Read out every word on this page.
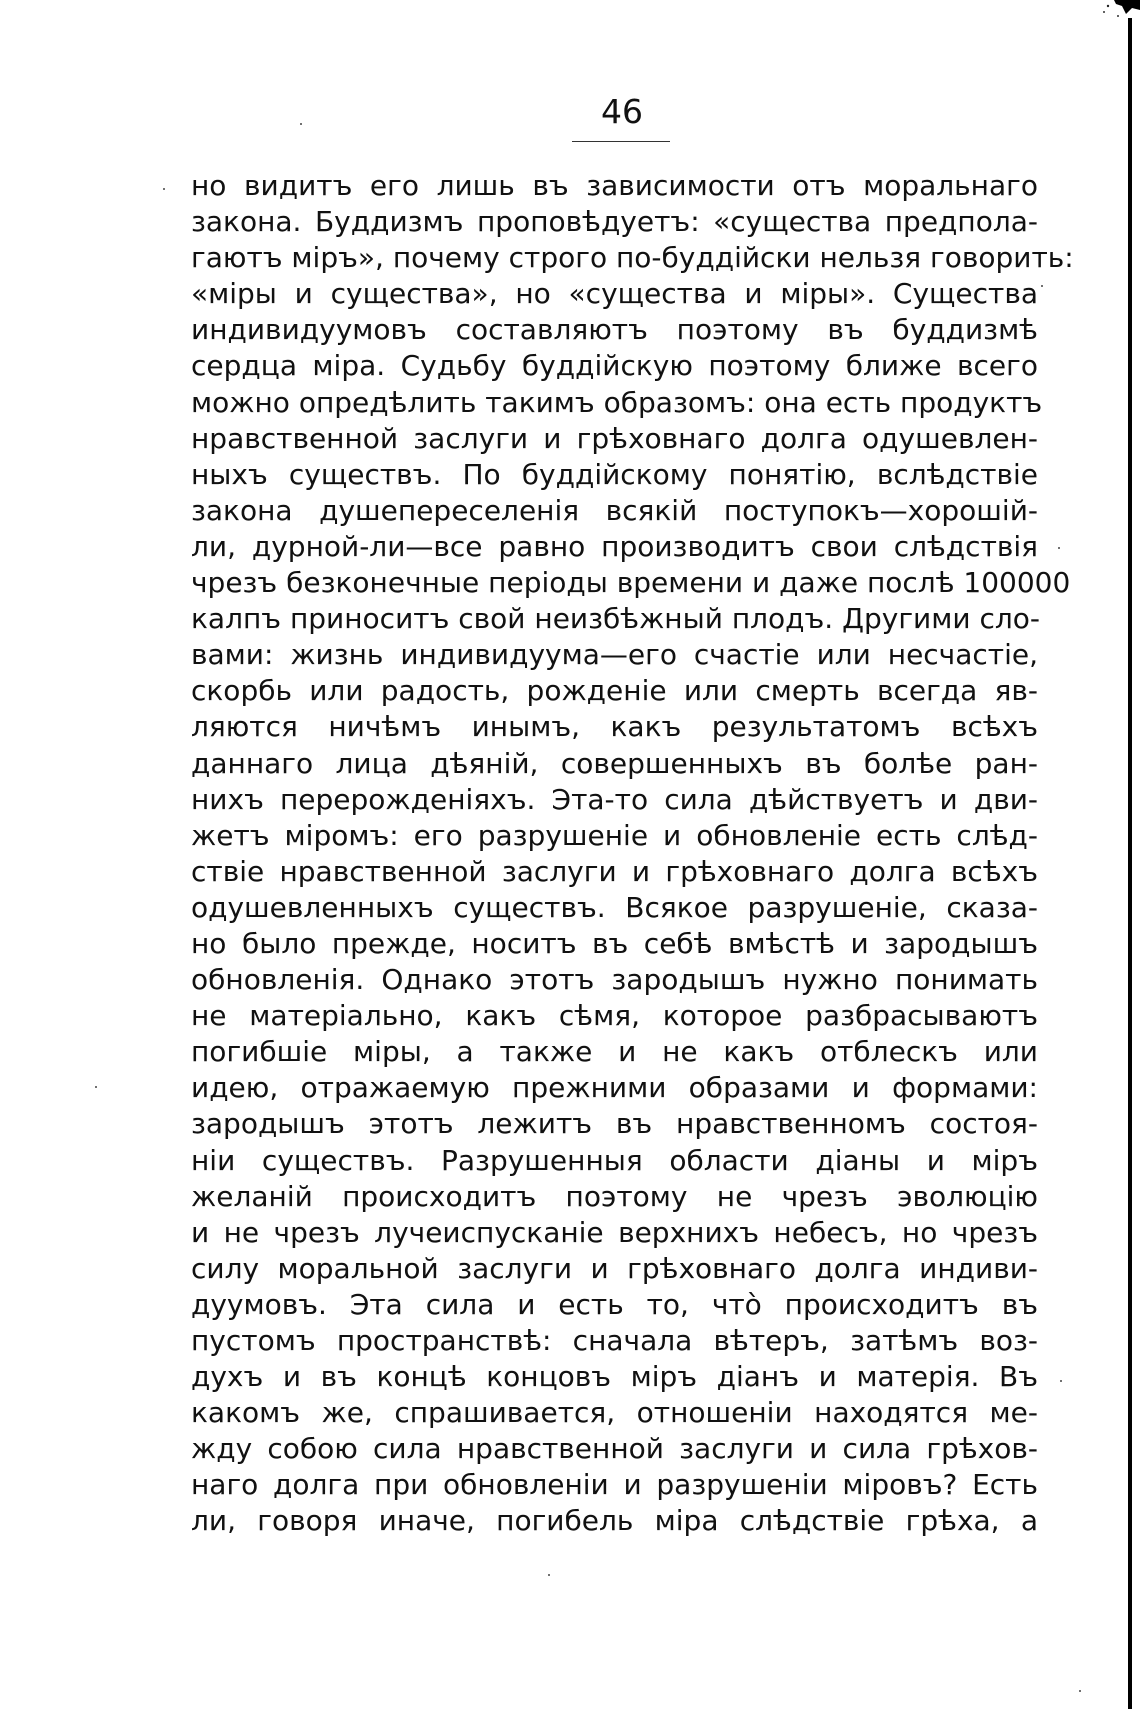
46
но видитъ его лишь въ зависимости отъ моральнаго
закона. Буддизмъ проповѣдуетъ: «существа предпола-
гаютъ міръ», почему строго по-буддійски нельзя говорить:
«міры и существа», но «существа и міры». Существа
индивидуумовъ составляютъ поэтому въ буддизмѣ
сердца міра. Судьбу буддійскую поэтому ближе всего
можно опредѣлить такимъ образомъ: она есть продуктъ
нравственной заслуги и грѣховнаго долга одушевлен-
ныхъ существъ. По буддійскому понятію, вслѣдствіе
закона душепереселенія всякій поступокъ—хорошій-
ли, дурной-ли—все равно производитъ свои слѣдствія
чрезъ безконечные періоды времени и даже послѣ 100000
калпъ приноситъ свой неизбѣжный плодъ. Другими сло-
вами: жизнь индивидуума—его счастіе или несчастіе,
скорбь или радость, рожденіе или смерть всегда яв-
ляются ничѣмъ инымъ, какъ результатомъ всѣхъ
даннаго лица дѣяній, совершенныхъ въ болѣе ран-
нихъ перерожденіяхъ. Эта-то сила дѣйствуетъ и дви-
жетъ міромъ: его разрушеніе и обновленіе есть слѣд-
ствіе нравственной заслуги и грѣховнаго долга всѣхъ
одушевленныхъ существъ. Всякое разрушеніе, сказа-
но было прежде, носитъ въ себѣ вмѣстѣ и зародышъ
обновленія. Однако этотъ зародышъ нужно понимать
не матеріально, какъ сѣмя, которое разбрасываютъ
погибшіе міры, а также и не какъ отблескъ или
идею, отражаемую прежними образами и формами:
зародышъ этотъ лежитъ въ нравственномъ состоя-
ніи существъ. Разрушенныя области діаны и міръ
желаній происходитъ поэтому не чрезъ эволюцію
и не чрезъ лучеиспусканіе верхнихъ небесъ, но чрезъ
силу моральной заслуги и грѣховнаго долга индиви-
дуумовъ. Эта сила и есть то, что̀ происходитъ въ
пустомъ пространствѣ: сначала вѣтеръ, затѣмъ воз-
духъ и въ концѣ концовъ міръ діанъ и матерія. Въ
какомъ же, спрашивается, отношеніи находятся ме-
жду собою сила нравственной заслуги и сила грѣхов-
наго долга при обновленіи и разрушеніи міровъ? Есть
ли, говоря иначе, погибель міра слѣдствіе грѣха, а
